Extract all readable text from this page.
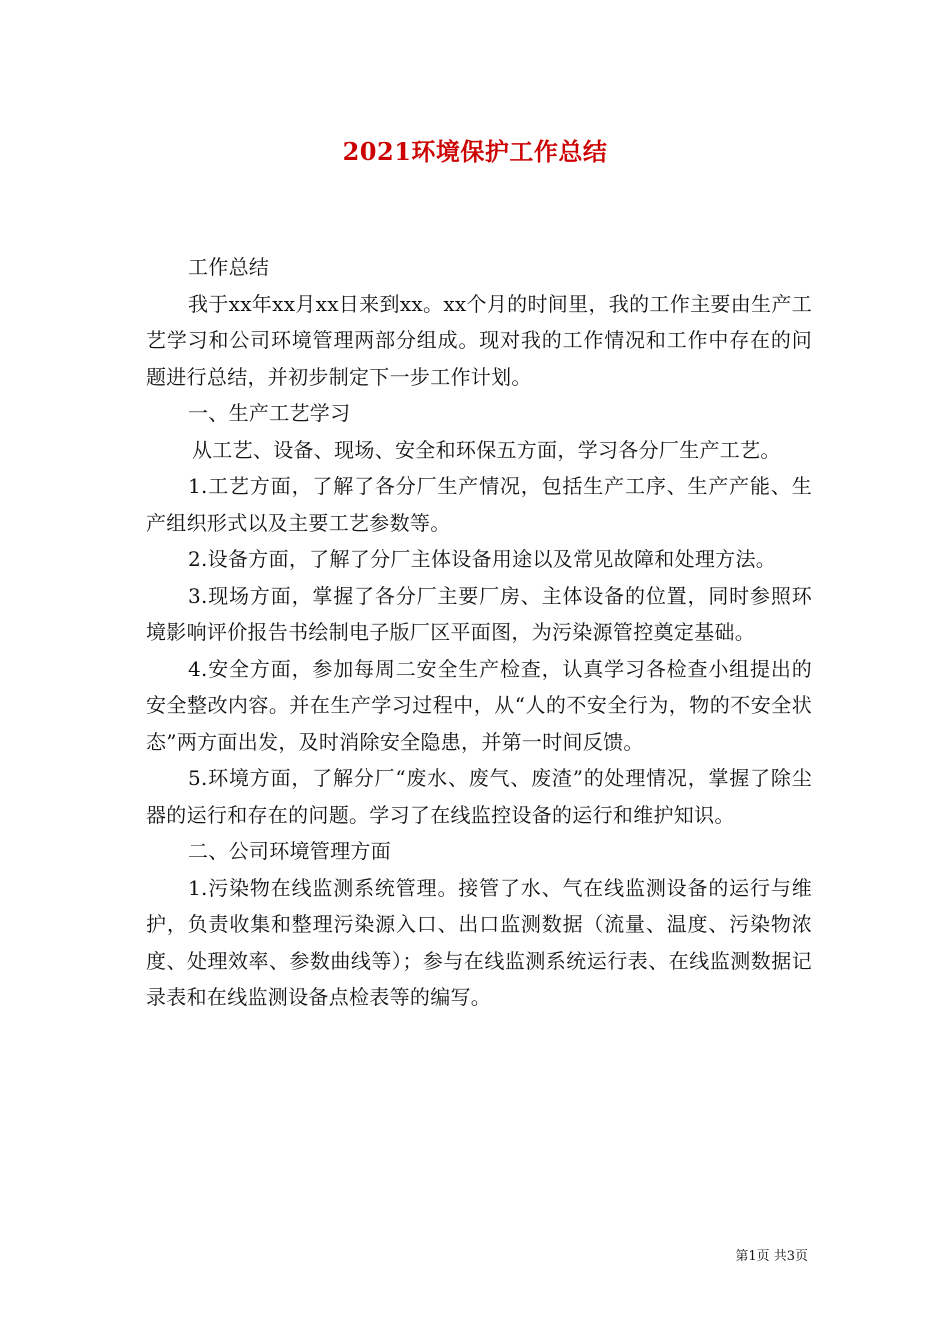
2021环境保护工作总结

工作总结

我于xx年xx月xx日来到xx。xx个月的时间里，我的工作主要由生产工艺学习和公司环境管理两部分组成。现对我的工作情况和工作中存在的问题进行总结，并初步制定下一步工作计划。

一、生产工艺学习

从工艺、设备、现场、安全和环保五方面，学习各分厂生产工艺。

1.工艺方面，了解了各分厂生产情况，包括生产工序、生产产能、生产组织形式以及主要工艺参数等。

2.设备方面，了解了分厂主体设备用途以及常见故障和处理方法。

3.现场方面，掌握了各分厂主要厂房、主体设备的位置，同时参照环境影响评价报告书绘制电子版厂区平面图，为污染源管控奠定基础。

4.安全方面，参加每周二安全生产检查，认真学习各检查小组提出的安全整改内容。并在生产学习过程中，从“人的不安全行为，物的不安全状态”两方面出发，及时消除安全隐患，并第一时间反馈。

5.环境方面，了解分厂“废水、废气、废渣”的处理情况，掌握了除尘器的运行和存在的问题。学习了在线监控设备的运行和维护知识。

二、公司环境管理方面

1.污染物在线监测系统管理。接管了水、气在线监测设备的运行与维护，负责收集和整理污染源入口、出口监测数据（流量、温度、污染物浓度、处理效率、参数曲线等）；参与在线监测系统运行表、在线监测数据记录表和在线监测设备点检表等的编写。

第1页 共3页
